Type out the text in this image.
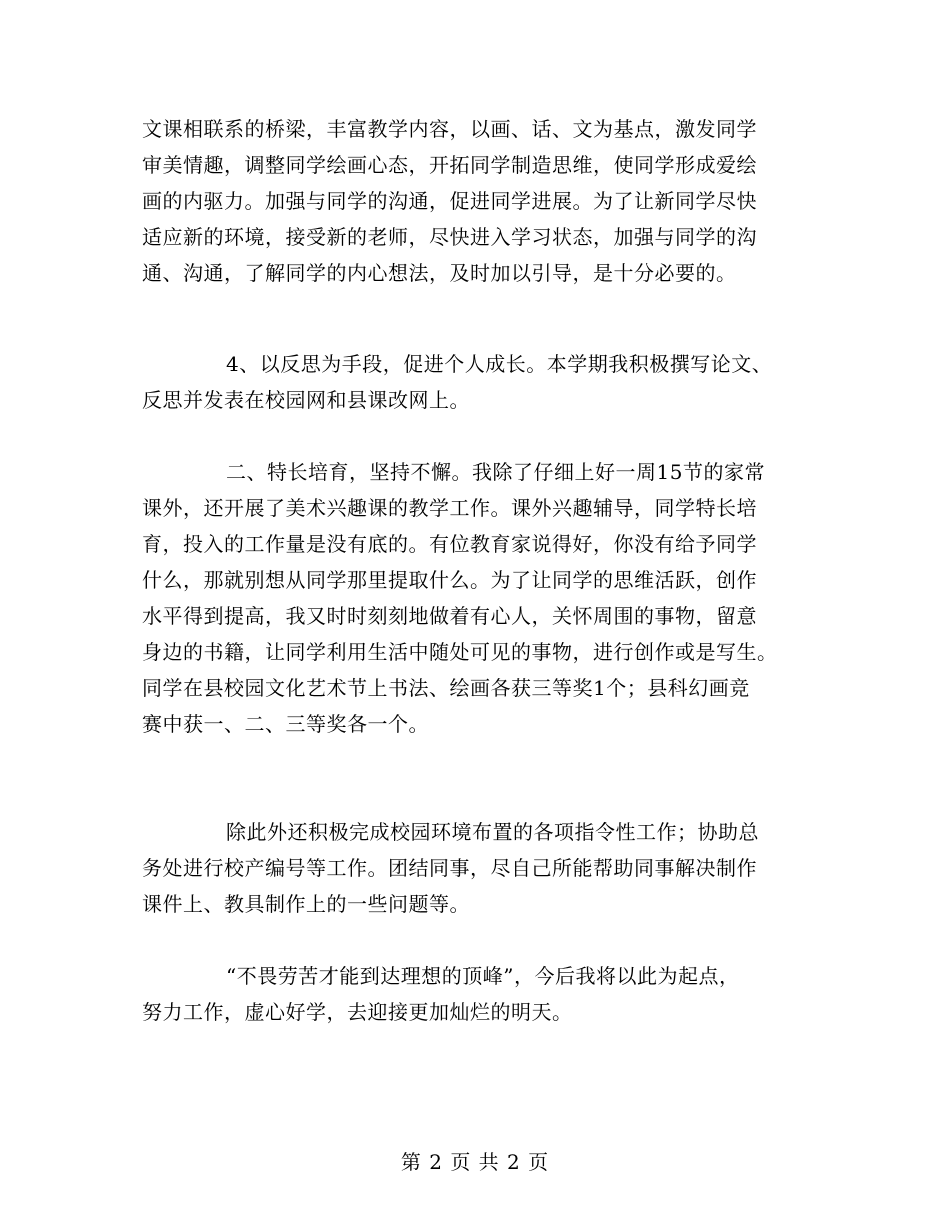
文课相联系的桥梁，丰富教学内容，以画、话、文为基点，激发同学
审美情趣，调整同学绘画心态，开拓同学制造思维，使同学形成爱绘
画的内驱力。加强与同学的沟通，促进同学进展。为了让新同学尽快
适应新的环境，接受新的老师，尽快进入学习状态，加强与同学的沟
通、沟通，了解同学的内心想法，及时加以引导，是十分必要的。
4、以反思为手段，促进个人成长。本学期我积极撰写论文、
反思并发表在校园网和县课改网上。
二、特长培育，坚持不懈。我除了仔细上好一周15节的家常
课外，还开展了美术兴趣课的教学工作。课外兴趣辅导，同学特长培
育，投入的工作量是没有底的。有位教育家说得好，你没有给予同学
什么，那就别想从同学那里提取什么。为了让同学的思维活跃，创作
水平得到提高，我又时时刻刻地做着有心人，关怀周围的事物，留意
身边的书籍，让同学利用生活中随处可见的事物，进行创作或是写生。
同学在县校园文化艺术节上书法、绘画各获三等奖1个；县科幻画竞
赛中获一、二、三等奖各一个。
除此外还积极完成校园环境布置的各项指令性工作；协助总
务处进行校产编号等工作。团结同事，尽自己所能帮助同事解决制作
课件上、教具制作上的一些问题等。
“不畏劳苦才能到达理想的顶峰”，今后我将以此为起点，
努力工作，虚心好学，去迎接更加灿烂的明天。
第 2 页 共 2 页
